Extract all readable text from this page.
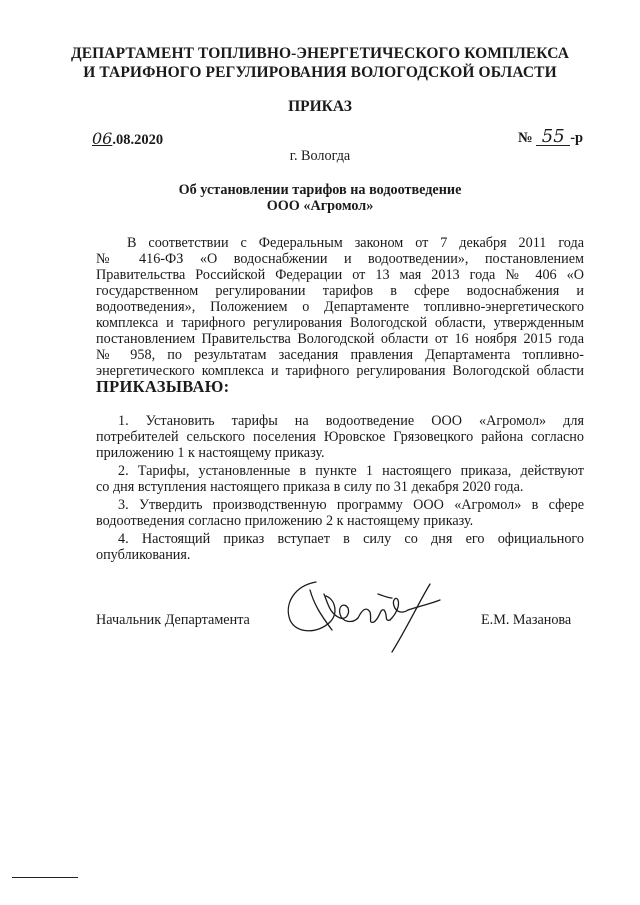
ДЕПАРТАМЕНТ ТОПЛИВНО-ЭНЕРГЕТИЧЕСКОГО КОМПЛЕКСА
И ТАРИФНОГО РЕГУЛИРОВАНИЯ ВОЛОГОДСКОЙ ОБЛАСТИ
ПРИКАЗ
06.08.2020	№ 55 -р
г. Вологда
Об установлении тарифов на водоотведение
ООО «Агромол»
В соответствии с Федеральным законом от 7 декабря 2011 года
№ 416-ФЗ «О водоснабжении и водоотведении», постановлением
Правительства Российской Федерации от 13 мая 2013 года № 406 «О
государственном регулировании тарифов в сфере водоснабжения и
водоотведения», Положением о Департаменте топливно-энергетического
комплекса и тарифного регулирования Вологодской области, утвержденным
постановлением Правительства Вологодской области от 16 ноября 2015 года
№ 958, по результатам заседания правления Департамента топливно-
энергетического комплекса и тарифного регулирования Вологодской области
ПРИКАЗЫВАЮ:
1. Установить тарифы на водоотведение ООО «Агромол» для
потребителей сельского поселения Юровское Грязовецкого района согласно
приложению 1 к настоящему приказу.
2. Тарифы, установленные в пункте 1 настоящего приказа, действуют
со дня вступления настоящего приказа в силу по 31 декабря 2020 года.
3. Утвердить производственную программу ООО «Агромол» в сфере
водоотведения согласно приложению 2 к настоящему приказу.
4. Настоящий приказ вступает в силу со дня его официального
опубликования.
Начальник Департамента	Е.М. Мазанова
